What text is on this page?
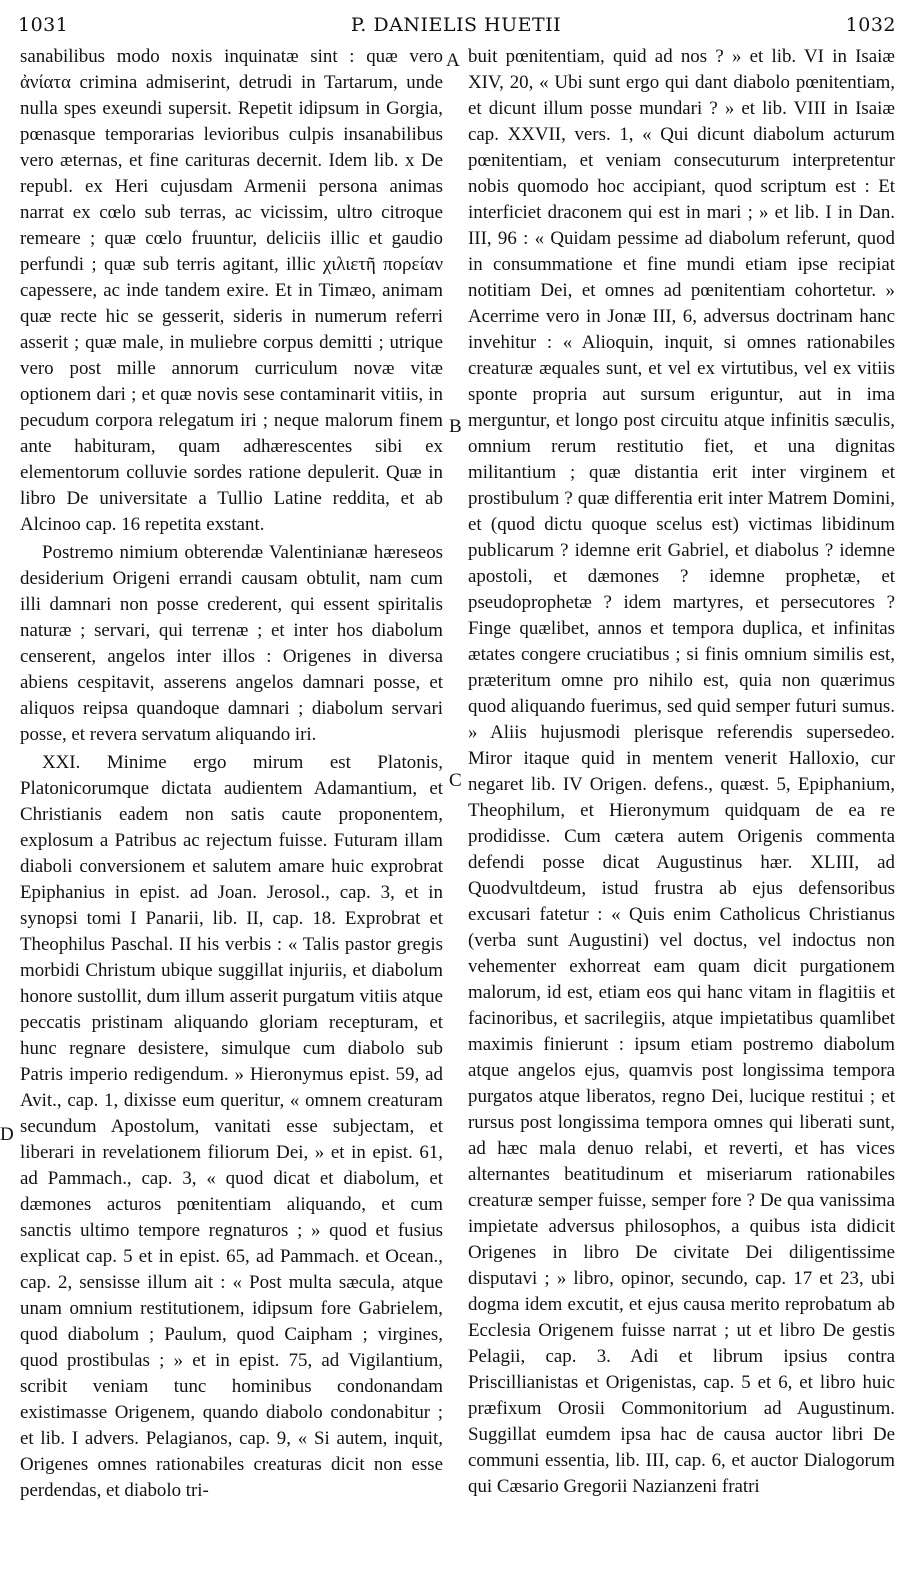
1031	P. DANIELIS HUETII	1032

sanabilibus modo noxis inquinatæ sint : quæ vero ἀνίατα crimina admiserint, detrudi in Tartarum, unde nulla spes exeundi supersit. Repetit idipsum in Gorgia, pœnasque temporarias levioribus culpis insanabilibus vero æternas, et fine carituras decernit. Idem lib. x De republ. ex Heri cujusdam Armenii persona animas narrat ex cœlo sub terras, ac vicissim, ultro citroque remeare ; quæ cœlo fruuntur, deliciis illic et gaudio perfundi ; quæ sub terris agitant, illic χιλιετῆ πορείαν capessere, ac inde tandem exire. Et in Timæo, animam quæ recte hic se gesserit, sideris in numerum referri asserit ; quæ male, in muliebre corpus demitti ; utrique vero post mille annorum curriculum novæ vitæ optionem dari ; et quæ novis sese contaminarit vitiis, in pecudum corpora relegatum iri ; neque malorum finem ante habituram, quam adhærescentes sibi ex elementorum colluvie sordes ratione depulerit. Quæ in libro De universitate a Tullio Latine reddita, et ab Alcinoo cap. 16 repetita exstant.

Postremo nimium obterendæ Valentinianæ hæreseos desiderium Origeni errandi causam obtulit, nam cum illi damnari non posse crederent, qui essent spiritalis naturæ ; servari, qui terrenæ ; et inter hos diabolum censerent, angelos inter illos : Origenes in diversa abiens cespitavit, asserens angelos damnari posse, et aliquos reipsa quandoque damnari ; diabolum servari posse, et revera servatum aliquando iri.

XXI. Minime ergo mirum est Platonis, Platonicorumque dictata audientem Adamantium, et Christianis eadem non satis caute proponentem, explosum a Patribus ac rejectum fuisse. Futuram illam diaboli conversionem et salutem amare huic exprobrat Epiphanius in epist. ad Joan. Jerosol., cap. 3, et in synopsi tomi I Panarii, lib. II, cap. 18. Exprobrat et Theophilus Paschal. II his verbis : « Talis pastor gregis morbidi Christum ubique suggillat injuriis, et diabolum honore sustollit, dum illum asserit purgatum vitiis atque peccatis pristinam aliquando gloriam recepturam, et hunc regnare desistere, simulque cum diabolo sub Patris imperio redigendum. » Hieronymus epist. 59, ad Avit., cap. 1, dixisse eum queritur, « omnem creaturam secundum Apostolum, vanitati esse subjectam, et liberari in revelationem filiorum Dei, » et in epist. 61, ad Pammach., cap. 3, « quod dicat et diabolum, et dæmones acturos pœnitentiam aliquando, et cum sanctis ultimo tempore regnaturos ; » quod et fusius explicat cap. 5 et in epist. 65, ad Pammach. et Ocean., cap. 2, sensisse illum ait : « Post multa sæcula, atque unam omnium restitutionem, idipsum fore Gabrielem, quod diabolum ; Paulum, quod Caipham ; virgines, quod prostibulas ; » et in epist. 75, ad Vigilantium, scribit veniam tunc hominibus condonandam existimasse Origenem, quando diabolo condonabitur ; et lib. I advers. Pelagianos, cap. 9, « Si autem, inquit, Origenes omnes rationabiles creaturas dicit non esse perdendas, et diabolo tri-

buit pœnitentiam, quid ad nos ? » et lib. VI in Isaiæ XIV, 20, « Ubi sunt ergo qui dant diabolo pœnitentiam, et dicunt illum posse mundari ? » et lib. VIII in Isaiæ cap. XXVII, vers. 1, « Qui dicunt diabolum acturum pœnitentiam, et veniam consecuturum interpretentur nobis quomodo hoc accipiant, quod scriptum est : Et interficiet draconem qui est in mari ; » et lib. I in Dan. III, 96 : « Quidam pessime ad diabolum referunt, quod in consummatione et fine mundi etiam ipse recipiat notitiam Dei, et omnes ad pœnitentiam cohortetur. » Acerrime vero in Jonæ III, 6, adversus doctrinam hanc invehitur : « Alioquin, inquit, si omnes rationabiles creaturæ æquales sunt, et vel ex virtutibus, vel ex vitiis sponte propria aut sursum eriguntur, aut in ima merguntur, et longo post circuitu atque infinitis sæculis, omnium rerum restitutio fiet, et una dignitas militantium ; quæ distantia erit inter virginem et prostibulum ? quæ differentia erit inter Matrem Domini, et (quod dictu quoque scelus est) victimas libidinum publicarum ? idemne erit Gabriel, et diabolus ? idemne apostoli, et dæmones ? idemne prophetæ, et pseudoprophetæ ? idem martyres, et persecutores ? Finge quælibet, annos et tempora duplica, et infinitas ætates congere cruciatibus ; si finis omnium similis est, præteritum omne pro nihilo est, quia non quærimus quod aliquando fuerimus, sed quid semper futuri sumus. » Aliis hujusmodi plerisque referendis supersedeo. Miror itaque quid in mentem venerit Halloxio, cur negaret lib. IV Origen. defens., quæst. 5, Epiphanium, Theophilum, et Hieronymum quidquam de ea re prodidisse. Cum cætera autem Origenis commenta defendi posse dicat Augustinus hær. XLIII, ad Quodvultdeum, istud frustra ab ejus defensoribus excusari fatetur : « Quis enim Catholicus Christianus (verba sunt Augustini) vel doctus, vel indoctus non vehementer exhorreat eam quam dicit purgationem malorum, id est, etiam eos qui hanc vitam in flagitiis et facinoribus, et sacrilegiis, atque impietatibus quamlibet maximis finierunt : ipsum etiam postremo diabolum atque angelos ejus, quamvis post longissima tempora purgatos atque liberatos, regno Dei, lucique restitui ; et rursus post longissima tempora omnes qui liberati sunt, ad hæc mala denuo relabi, et reverti, et has vices alternantes beatitudinum et miseriarum rationabiles creaturæ semper fuisse, semper fore ? De qua vanissima impietate adversus philosophos, a quibus ista didicit Origenes in libro De civitate Dei diligentissime disputavi ; » libro, opinor, secundo, cap. 17 et 23, ubi dogma idem excutit, et ejus causa merito reprobatum ab Ecclesia Origenem fuisse narrat ; ut et libro De gestis Pelagii, cap. 3. Adi et librum ipsius contra Priscillianistas et Origenistas, cap. 5 et 6, et libro huic præfixum Orosii Commonitorium ad Augustinum. Suggillat eumdem ipsa hac de causa auctor libri De communi essentia, lib. III, cap. 6, et auctor Dialogorum qui Cæsario Gregorii Nazianzeni fratri

A
B
C
D
